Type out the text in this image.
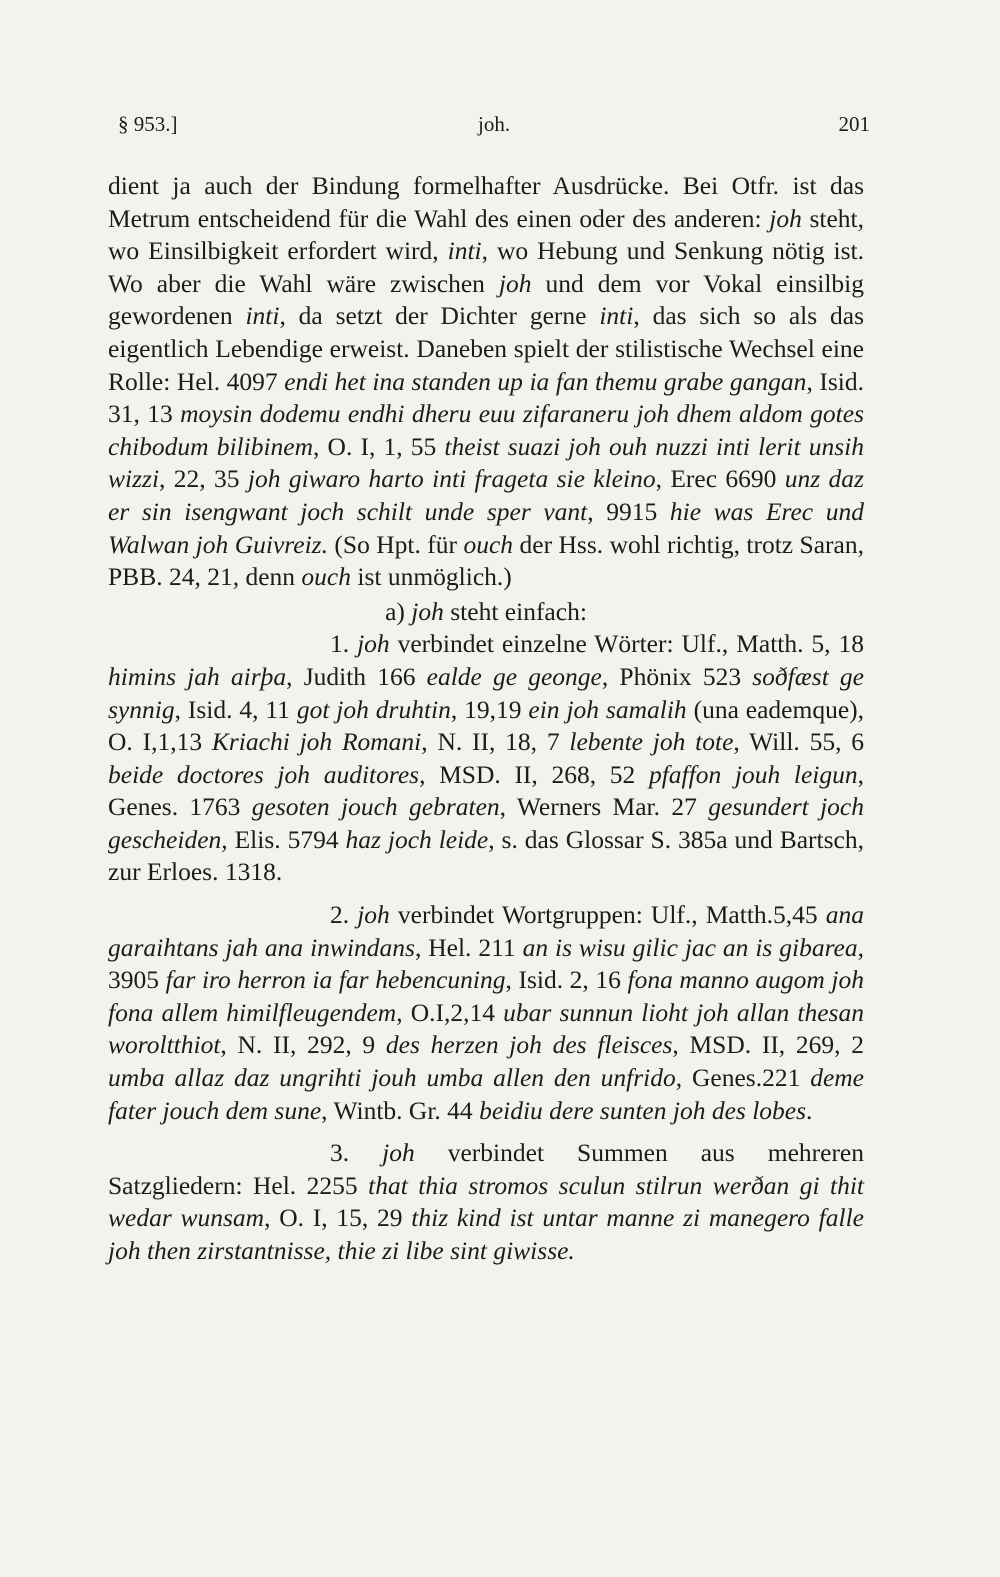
§ 953.]	joh.	201

dient ja auch der Bindung formelhafter Ausdrücke. Bei Otfr. ist das Metrum entscheidend für die Wahl des einen oder des anderen: joh steht, wo Einsilbigkeit erfordert wird, inti, wo Hebung und Senkung nötig ist. Wo aber die Wahl wäre zwischen joh und dem vor Vokal einsilbig gewordenen inti, da setzt der Dichter gerne inti, das sich so als das eigentlich Lebendige erweist. Daneben spielt der stilistische Wechsel eine Rolle: Hel. 4097 endi het ina standen up ia fan themu grabe gangan, Isid. 31, 13 moysin dodemu endhi dheru euu zifaraneru joh dhem aldom gotes chibodum bilibinem, O. I, 1, 55 theist suazi joh ouh nuzzi inti lerit unsih wizzi, 22, 35 joh giwaro harto inti frageta sie kleino, Erec 6690 unz daz er sin isengwant joch schilt unde sper vant, 9915 hie was Erec und Walwan joh Guivreiz. (So Hpt. für ouch der Hss. wohl richtig, trotz Saran, PBB. 24, 21, denn ouch ist unmöglich.)

a) joh steht einfach:

1. joh verbindet einzelne Wörter: Ulf., Matth. 5, 18 himins jah airþa, Judith 166 ealde ge geonge, Phönix 523 soðfæst ge synnig, Isid. 4, 11 got joh druhtin, 19,19 ein joh samalih (una eademque), O. I,1,13 Kriachi joh Romani, N. II, 18, 7 lebente joh tote, Will. 55, 6 beide doctores joh auditores, MSD. II, 268, 52 pfaffon jouh leigun, Genes. 1763 gesoten jouch gebraten, Werners Mar. 27 gesundert joch gescheiden, Elis. 5794 haz joch leide, s. das Glossar S. 385a und Bartsch, zur Erloes. 1318.

2. joh verbindet Wortgruppen: Ulf., Matth.5,45 ana garaihtans jah ana inwindans, Hel. 211 an is wisu gilic jac an is gibarea, 3905 far iro herron ia far hebencuning, Isid. 2, 16 fona manno augom joh fona allem himilfleugendem, O.I,2,14 ubar sunnun lioht joh allan thesan woroltthiot, N. II, 292, 9 des herzen joh des fleisces, MSD. II, 269, 2 umba allaz daz ungrihti jouh umba allen den unfrido, Genes.221 deme fater jouch dem sune, Wintb. Gr. 44 beidiu dere sunten joh des lobes.

3. joh verbindet Summen aus mehreren Satzgliedern: Hel. 2255 that thia stromos sculun stilrun werðan gi thit wedar wunsam, O. I, 15, 29 thiz kind ist untar manne zi manegero falle joh then zirstantnisse, thie zi libe sint giwisse.
